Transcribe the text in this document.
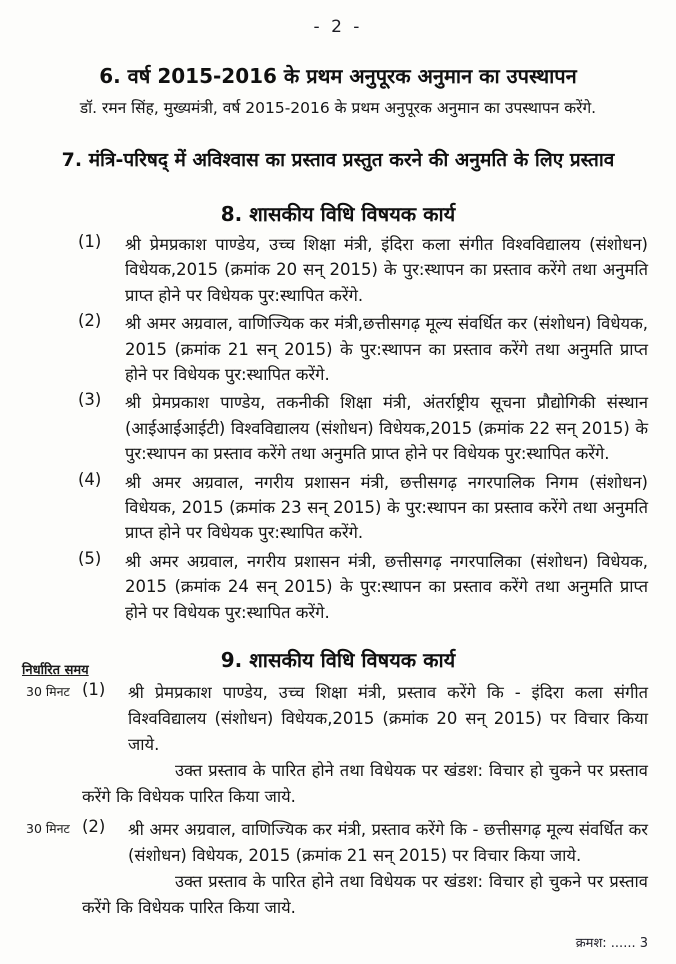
- 2 -
6. वर्ष 2015-2016 के प्रथम अनुपूरक अनुमान का उपस्थापन
डॉ. रमन सिंह, मुख्यमंत्री, वर्ष 2015-2016 के प्रथम अनुपूरक अनुमान का उपस्थापन करेंगे.
7. मंत्रि-परिषद् में अविश्वास का प्रस्ताव प्रस्तुत करने की अनुमति के लिए प्रस्ताव
8. शासकीय विधि विषयक कार्य
(1)	श्री प्रेमप्रकाश पाण्डेय, उच्च शिक्षा मंत्री, इंदिरा कला संगीत विश्वविद्यालय (संशोधन) विधेयक,2015 (क्रमांक 20 सन् 2015) के पुर:स्थापन का प्रस्ताव करेंगे तथा अनुमति प्राप्त होने पर विधेयक पुर:स्थापित करेंगे.
(2)	श्री अमर अग्रवाल, वाणिज्यिक कर मंत्री,छत्तीसगढ़ मूल्य संवर्धित कर (संशोधन) विधेयक, 2015 (क्रमांक 21 सन् 2015) के पुर:स्थापन का प्रस्ताव करेंगे तथा अनुमति प्राप्त होने पर विधेयक पुर:स्थापित करेंगे.
(3)	श्री प्रेमप्रकाश पाण्डेय, तकनीकी शिक्षा मंत्री, अंतर्राष्ट्रीय सूचना प्रौद्योगिकी संस्थान (आईआईआईटी) विश्वविद्यालय (संशोधन) विधेयक,2015 (क्रमांक 22 सन् 2015) के पुर:स्थापन का प्रस्ताव करेंगे तथा अनुमति प्राप्त होने पर विधेयक पुर:स्थापित करेंगे.
(4)	श्री अमर अग्रवाल, नगरीय प्रशासन मंत्री, छत्तीसगढ़ नगरपालिक निगम (संशोधन) विधेयक, 2015 (क्रमांक 23 सन् 2015) के पुर:स्थापन का प्रस्ताव करेंगे तथा अनुमति प्राप्त होने पर विधेयक पुर:स्थापित करेंगे.
(5)	श्री अमर अग्रवाल, नगरीय प्रशासन मंत्री, छत्तीसगढ़ नगरपालिका (संशोधन) विधेयक, 2015 (क्रमांक 24 सन् 2015) के पुर:स्थापन का प्रस्ताव करेंगे तथा अनुमति प्राप्त होने पर विधेयक पुर:स्थापित करेंगे.
9. शासकीय विधि विषयक कार्य
निर्धारित समय
30 मिनट (1)	श्री प्रेमप्रकाश पाण्डेय, उच्च शिक्षा मंत्री, प्रस्ताव करेंगे कि - इंदिरा कला संगीत विश्वविद्यालय (संशोधन) विधेयक,2015 (क्रमांक 20 सन् 2015) पर विचार किया जाये.
उक्त प्रस्ताव के पारित होने तथा विधेयक पर खंडश: विचार हो चुकने पर प्रस्ताव करेंगे कि विधेयक पारित किया जाये.
30 मिनट (2)	श्री अमर अग्रवाल, वाणिज्यिक कर मंत्री, प्रस्ताव करेंगे कि - छत्तीसगढ़ मूल्य संवर्धित कर (संशोधन) विधेयक, 2015 (क्रमांक 21 सन् 2015) पर विचार किया जाये.
उक्त प्रस्ताव के पारित होने तथा विधेयक पर खंडश: विचार हो चुकने पर प्रस्ताव करेंगे कि विधेयक पारित किया जाये.
क्रमश: ...... 3
